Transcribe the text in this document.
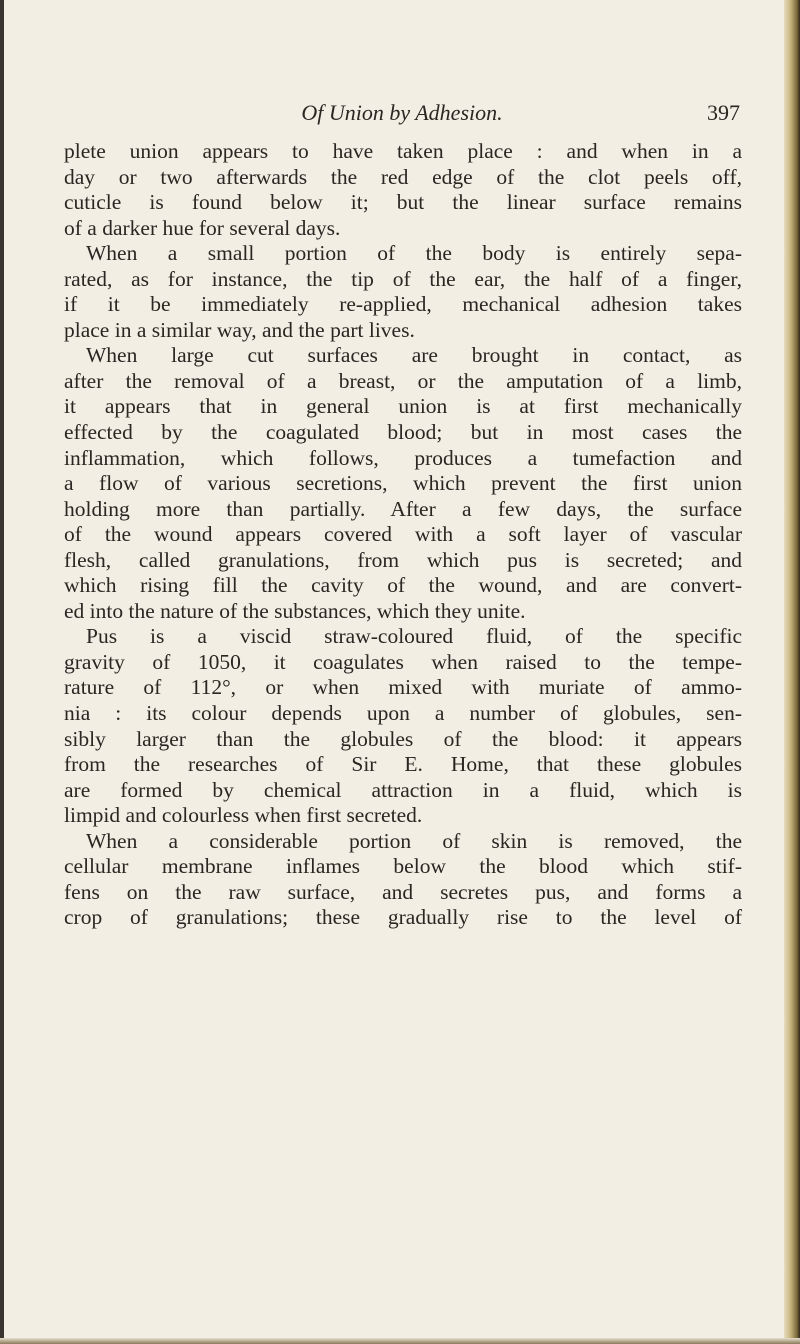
Of Union by Adhesion.	397
plete union appears to have taken place : and when in a
day or two afterwards the red edge of the clot peels off,
cuticle is found below it; but the linear surface remains
of a darker hue for several days.
When a small portion of the body is entirely sepa-
rated, as for instance, the tip of the ear, the half of a finger,
if it be immediately re-applied, mechanical adhesion takes
place in a similar way, and the part lives.
When large cut surfaces are brought in contact, as
after the removal of a breast, or the amputation of a limb,
it appears that in general union is at first mechanically
effected by the coagulated blood; but in most cases the
inflammation, which follows, produces a tumefaction and
a flow of various secretions, which prevent the first union
holding more than partially. After a few days, the surface
of the wound appears covered with a soft layer of vascular
flesh, called granulations, from which pus is secreted; and
which rising fill the cavity of the wound, and are convert-
ed into the nature of the substances, which they unite.
Pus is a viscid straw-coloured fluid, of the specific
gravity of 1050, it coagulates when raised to the tempe-
rature of 112°, or when mixed with muriate of ammo-
nia : its colour depends upon a number of globules, sen-
sibly larger than the globules of the blood: it appears
from the researches of Sir E. Home, that these globules
are formed by chemical attraction in a fluid, which is
limpid and colourless when first secreted.
When a considerable portion of skin is removed, the
cellular membrane inflames below the blood which stif-
fens on the raw surface, and secretes pus, and forms a
crop of granulations; these gradually rise to the level of
